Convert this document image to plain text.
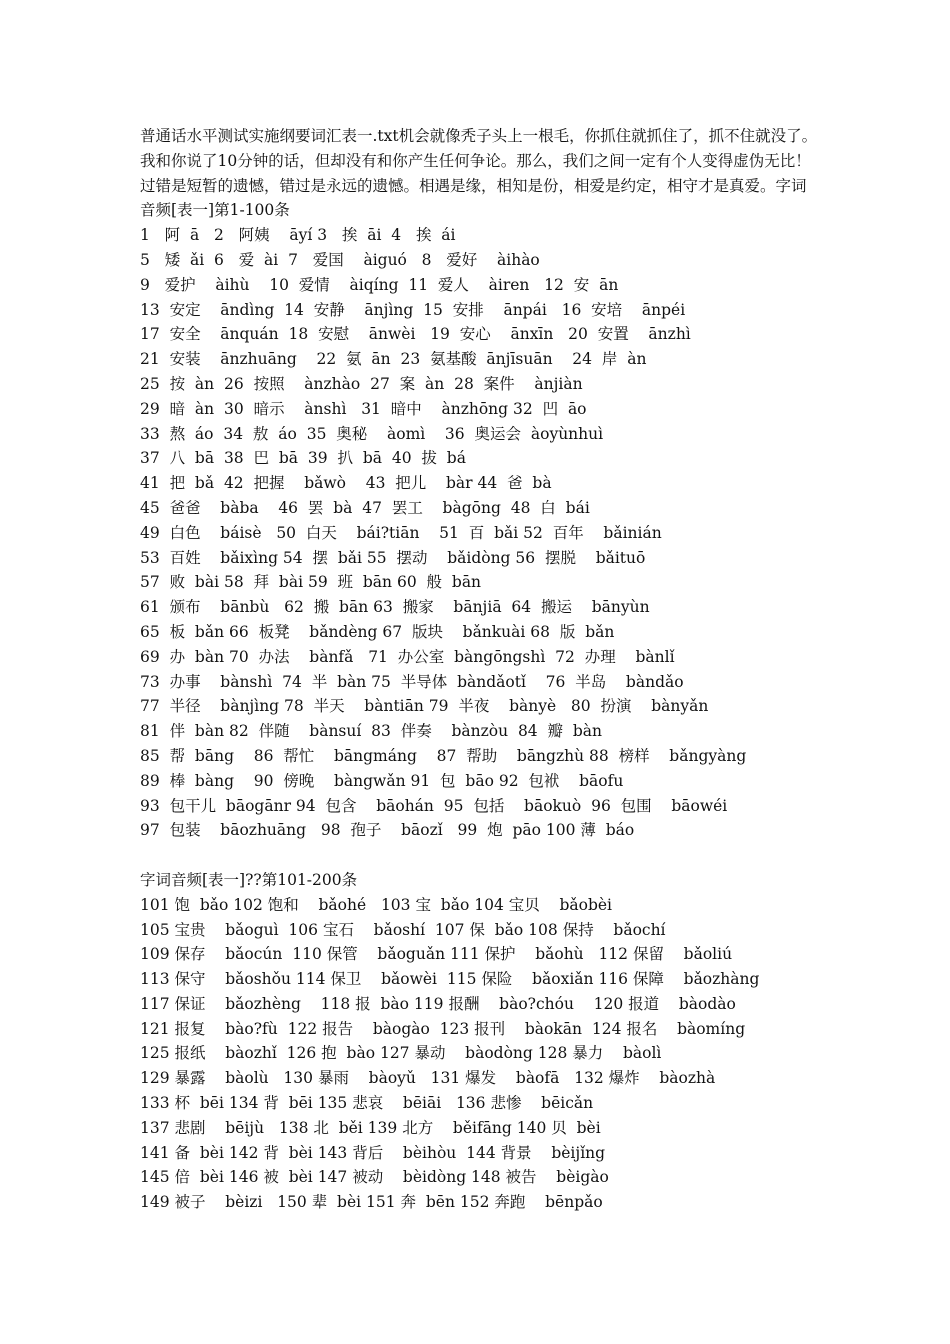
普通话水平测试实施纲要词汇表一.txt机会就像秃子头上一根毛，你抓住就抓住了，抓不住就没了。我和你说了10分钟的话，但却没有和你产生任何争论。那么，我们之间一定有个人变得虚伪无比！过错是短暂的遗憾，错过是永远的遗憾。相遇是缘，相知是份，相爱是约定，相守才是真爱。字词音频[表一]第1-100条
1   阿  ā   2   阿姨    āyí 3   挨  āi  4   挨  ái
5   矮  ǎi  6   爱  ài  7   爱国    àiguó   8   爱好    àihào
9   爱护    àihù    10  爱情    àiqíng  11  爱人    àiren   12  安  ān
13  安定    āndìng  14  安静    ānjìng  15  安排    ānpái   16  安培    ānpéi
17  安全    ānquán  18  安慰    ānwèi   19  安心    ānxīn   20  安置    ānzhì
21  安装    ānzhuāng    22  氨  ān  23  氨基酸  ānjīsuān    24  岸  àn
25  按  àn  26  按照    ànzhào  27  案  àn  28  案件    ànjiàn
29  暗  àn  30  暗示    ànshì   31  暗中    ànzhōng 32  凹  āo
33  熬  áo  34  敖  áo  35  奥秘    àomì    36  奥运会  àoyùnhuì
37  八  bā  38  巴  bā  39  扒  bā  40  拔  bá
41  把  bǎ  42  把握    bǎwò    43  把儿    bàr 44  爸  bà
45  爸爸    bàba    46  罢  bà  47  罢工    bàgōng  48  白  bái
49  白色    báisè   50  白天    bái?tiān    51  百  bǎi 52  百年    bǎinián
53  百姓    bǎixìng 54  摆  bǎi 55  摆动    bǎidòng 56  摆脱    bǎituō
57  败  bài 58  拜  bài 59  班  bān 60  般  bān
61  颁布    bānbù   62  搬  bān 63  搬家    bānjiā  64  搬运    bānyùn
65  板  bǎn 66  板凳    bǎndèng 67  版块    bǎnkuài 68  版  bǎn
69  办  bàn 70  办法    bànfǎ   71  办公室  bàngōngshì  72  办理    bànlǐ
73  办事    bànshì  74  半  bàn 75  半导体  bàndǎotǐ    76  半岛    bàndǎo
77  半径    bànjìng 78  半天    bàntiān 79  半夜    bànyè   80  扮演    bànyǎn
81  伴  bàn 82  伴随    bànsuí  83  伴奏    bànzòu  84  瓣  bàn
85  帮  bāng    86  帮忙    bāngmáng    87  帮助    bāngzhù 88  榜样    bǎngyàng
89  棒  bàng    90  傍晚    bàngwǎn 91  包  bāo 92  包袱    bāofu
93  包干儿  bāogānr 94  包含    bāohán  95  包括    bāokuò  96  包围    bāowéi
97  包装    bāozhuāng   98  孢子    bāozǐ   99  炮  pāo 100 薄  báo
字词音频[表一]??第101-200条
101 饱  bǎo 102 饱和    bǎohé   103 宝  bǎo 104 宝贝    bǎobèi
105 宝贵    bǎoguì  106 宝石    bǎoshí  107 保  bǎo 108 保持    bǎochí
109 保存    bǎocún  110 保管    bǎoguǎn 111 保护    bǎohù   112 保留    bǎoliú
113 保守    bǎoshǒu 114 保卫    bǎowèi  115 保险    bǎoxiǎn 116 保障    bǎozhàng
117 保证    bǎozhèng    118 报  bào 119 报酬    bào?chóu    120 报道    bàodào
121 报复    bào?fù  122 报告    bàogào  123 报刊    bàokān  124 报名    bàomíng
125 报纸    bàozhǐ  126 抱  bào 127 暴动    bàodòng 128 暴力    bàolì
129 暴露    bàolù   130 暴雨    bàoyǔ   131 爆发    bàofā   132 爆炸    bàozhà
133 杯  bēi 134 背  bēi 135 悲哀    bēiāi   136 悲惨    bēicǎn
137 悲剧    bēijù   138 北  běi 139 北方    běifāng 140 贝  bèi
141 备  bèi 142 背  bèi 143 背后    bèihòu  144 背景    bèijǐng
145 倍  bèi 146 被  bèi 147 被动    bèidòng 148 被告    bèigào
149 被子    bèizi   150 辈  bèi 151 奔  bēn 152 奔跑    bēnpǎo
